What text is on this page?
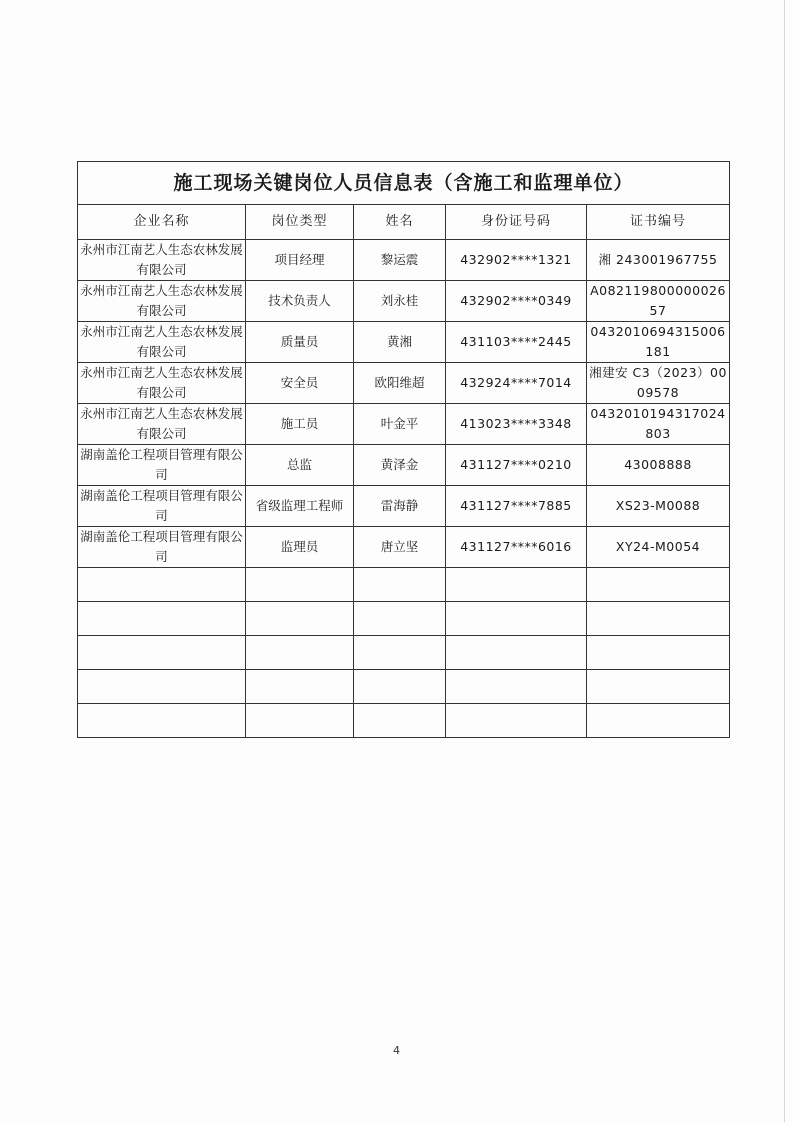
施工现场关键岗位人员信息表（含施工和监理单位）				
企业名称	岗位类型	姓名	身份证号码	证书编号
永州市江南艺人生态农林发展有限公司	项目经理	黎运震	432902****1321	湘 243001967755
永州市江南艺人生态农林发展有限公司	技术负责人	刘永桂	432902****0349	A08211980000002657
永州市江南艺人生态农林发展有限公司	质量员	黄湘	431103****2445	0432010694315006181
永州市江南艺人生态农林发展有限公司	安全员	欧阳维超	432924****7014	湘建安 C3（2023）0009578
永州市江南艺人生态农林发展有限公司	施工员	叶金平	413023****3348	0432010194317024803
湖南盖伦工程项目管理有限公司	总监	黄泽金	431127****0210	43008888
湖南盖伦工程项目管理有限公司	省级监理工程师	雷海静	431127****7885	XS23-M0088
湖南盖伦工程项目管理有限公司	监理员	唐立坚	431127****6016	XY24-M0054

4
